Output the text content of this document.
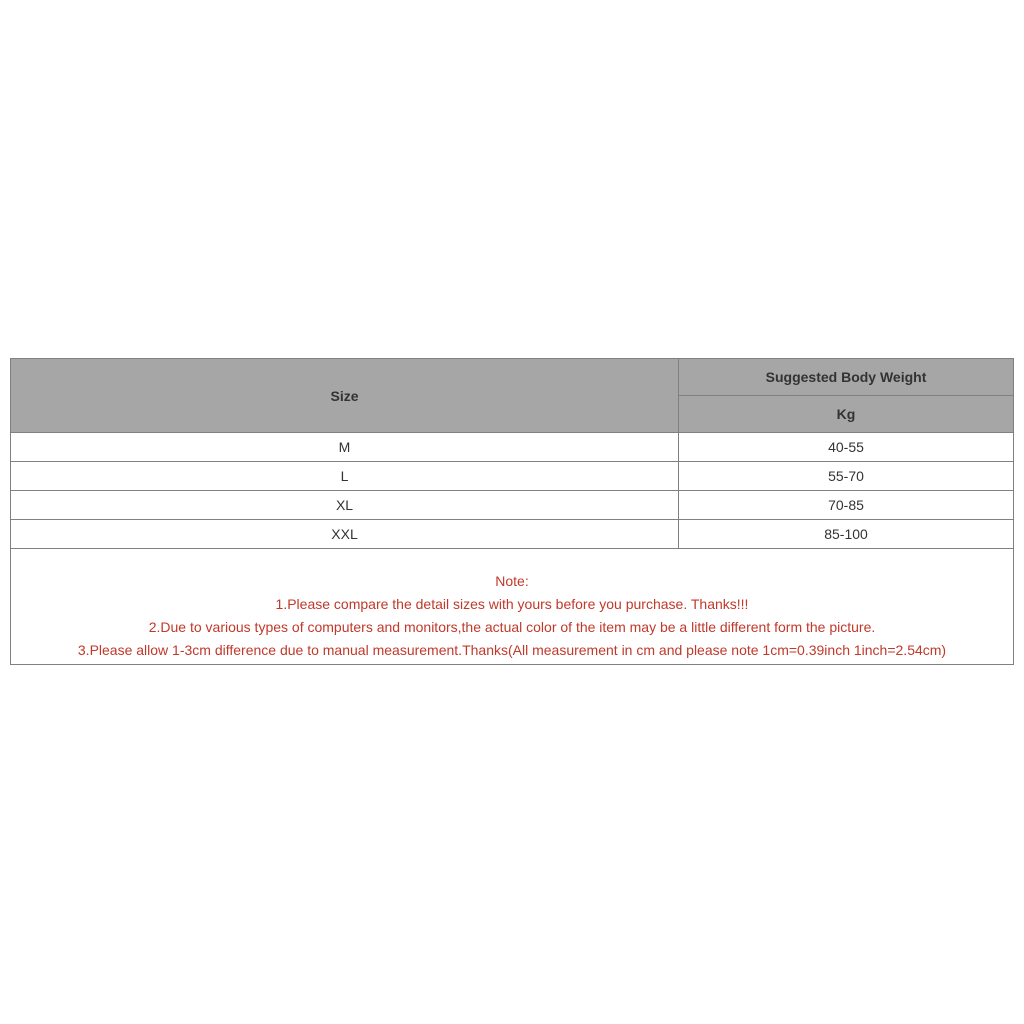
Size	Suggested Body Weight
	Kg
M	40-55
L	55-70
XL	70-85
XXL	85-100

Note:
1.Please compare the detail sizes with yours before you purchase. Thanks!!!
2.Due to various types of computers and monitors,the actual color of the item may be a little different form the picture.
3.Please allow 1-3cm difference due to manual measurement.Thanks(All measurement in cm and please note 1cm=0.39inch 1inch=2.54cm)	
